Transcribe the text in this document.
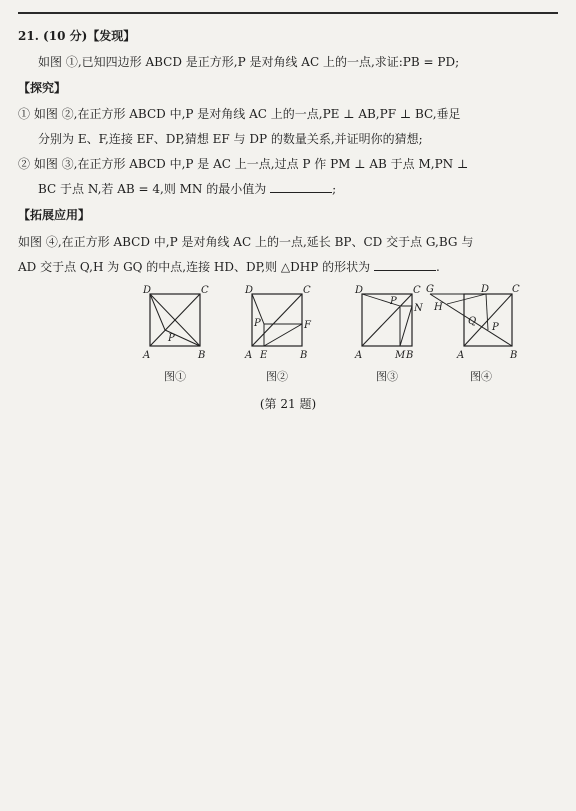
21. (10 分)【发现】
如图 ①,已知四边形 ABCD 是正方形,P 是对角线 AC 上的一点,求证:PB = PD;
【探究】
① 如图 ②,在正方形 ABCD 中,P 是对角线 AC 上的一点,PE ⊥ AB,PF ⊥ BC,垂足
分别为 E、F,连接 EF、DP,猜想 EF 与 DP 的数量关系,并证明你的猜想;
② 如图 ③,在正方形 ABCD 中,P 是 AC 上一点,过点 P 作 PM ⊥ AB 于点 M,PN ⊥
BC 于点 N,若 AB = 4,则 MN 的最小值为	;
【拓展应用】
如图 ④,在正方形 ABCD 中,P 是对角线 AC 上的一点,延长 BP、CD 交于点 G,BG 与
AD 交于点 Q,H 为 GQ 的中点,连接 HD、DP,则 △DHP 的形状为	.
D	C
A	B
P
图①
D	C
A	B
P
E
F
图②
D	C
A	B
P
M
N
图③
G	D C
A	B
H
Q
P
图④
(第 21 题)
